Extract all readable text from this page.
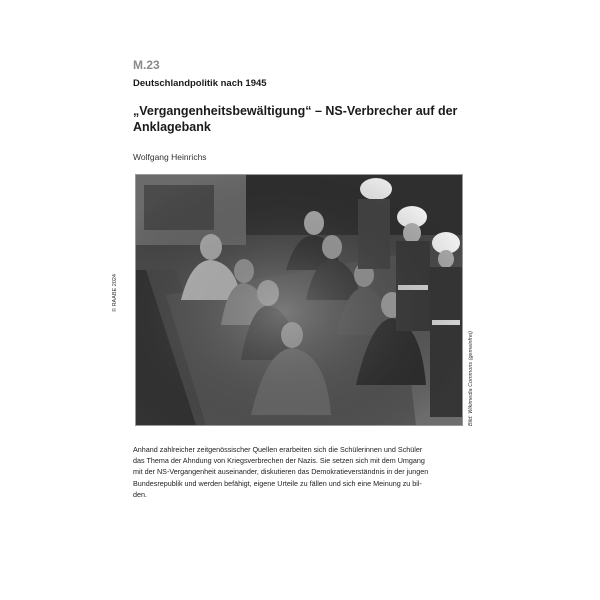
M.23
Deutschlandpolitik nach 1945
„Vergangenheitsbewältigung“ – NS-Verbrecher auf der
Anklagebank
Wolfgang Heinrichs
© RAABE 2024
Bild: Wikimedia Commons (gemeinfrei)

Anhand zahlreicher zeitgenössischer Quellen erarbeiten sich die Schülerinnen und Schüler
das Thema der Ahndung von Kriegsverbrechen der Nazis. Sie setzen sich mit dem Umgang
mit der NS-Vergangenheit auseinander, diskutieren das Demokratieverständnis in der jungen
Bundesrepublik und werden befähigt, eigene Urteile zu fällen und sich eine Meinung zu bil-
den.
